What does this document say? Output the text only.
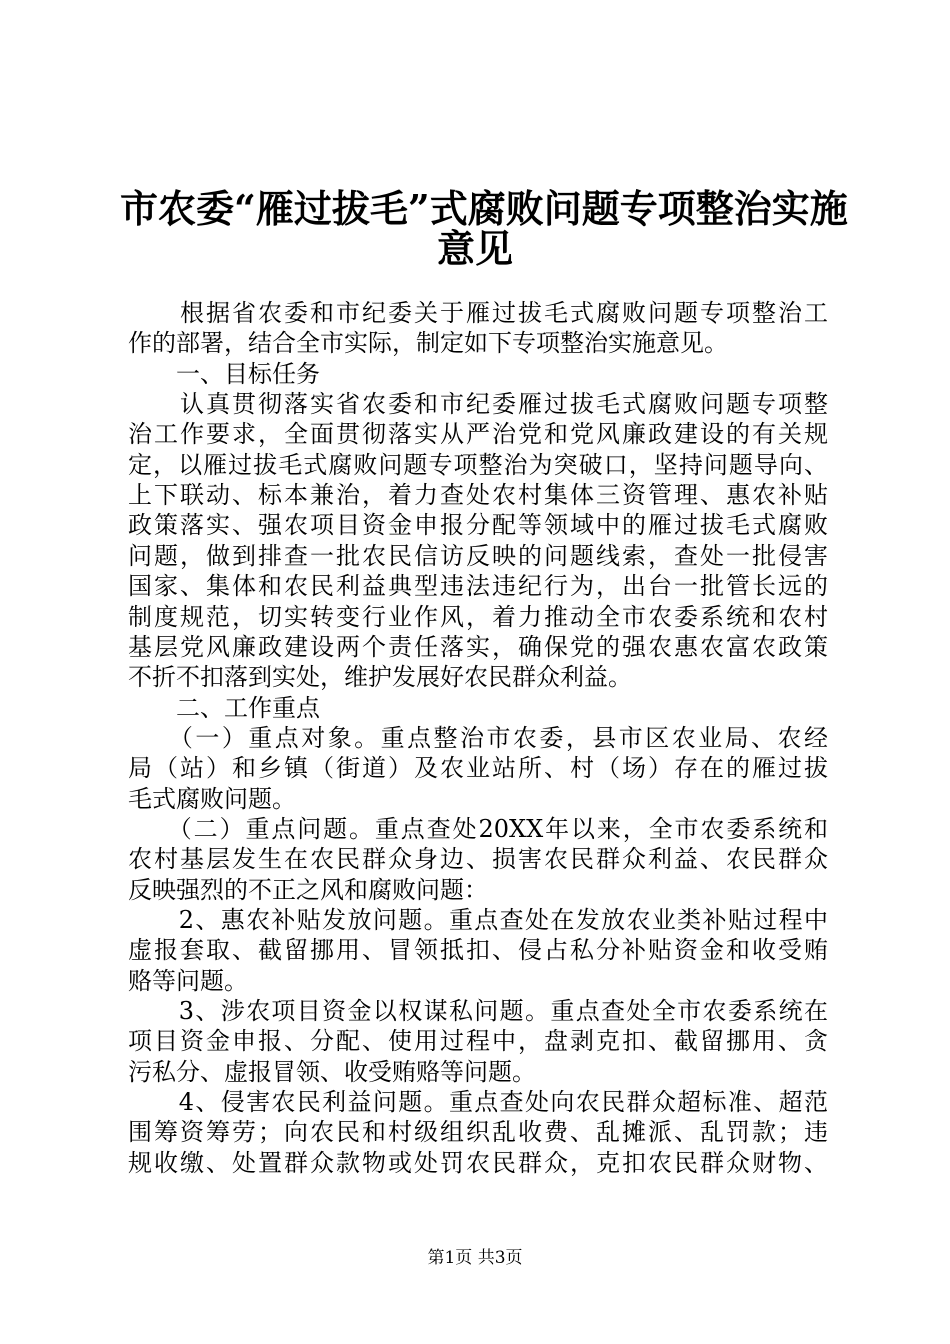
市农委“雁过拔毛”式腐败问题专项整治实施
意见
　　根据省农委和市纪委关于雁过拔毛式腐败问题专项整治工
作的部署，结合全市实际，制定如下专项整治实施意见。
　　一、目标任务
　　认真贯彻落实省农委和市纪委雁过拔毛式腐败问题专项整
治工作要求，全面贯彻落实从严治党和党风廉政建设的有关规
定，以雁过拔毛式腐败问题专项整治为突破口，坚持问题导向、
上下联动、标本兼治，着力查处农村集体三资管理、惠农补贴
政策落实、强农项目资金申报分配等领域中的雁过拔毛式腐败
问题，做到排查一批农民信访反映的问题线索，查处一批侵害
国家、集体和农民利益典型违法违纪行为，出台一批管长远的
制度规范，切实转变行业作风，着力推动全市农委系统和农村
基层党风廉政建设两个责任落实，确保党的强农惠农富农政策
不折不扣落到实处，维护发展好农民群众利益。
　　二、工作重点
　　（一）重点对象。重点整治市农委，县市区农业局、农经
局（站）和乡镇（街道）及农业站所、村（场）存在的雁过拔
毛式腐败问题。
　　（二）重点问题。重点查处20XX年以来，全市农委系统和
农村基层发生在农民群众身边、损害农民群众利益、农民群众
反映强烈的不正之风和腐败问题：
　　2、惠农补贴发放问题。重点查处在发放农业类补贴过程中
虚报套取、截留挪用、冒领抵扣、侵占私分补贴资金和收受贿
赂等问题。
　　3、涉农项目资金以权谋私问题。重点查处全市农委系统在
项目资金申报、分配、使用过程中，盘剥克扣、截留挪用、贪
污私分、虚报冒领、收受贿赂等问题。
　　4、侵害农民利益问题。重点查处向农民群众超标准、超范
围筹资筹劳；向农民和村级组织乱收费、乱摊派、乱罚款；违
规收缴、处置群众款物或处罚农民群众，克扣农民群众财物、
第1页 共3页
